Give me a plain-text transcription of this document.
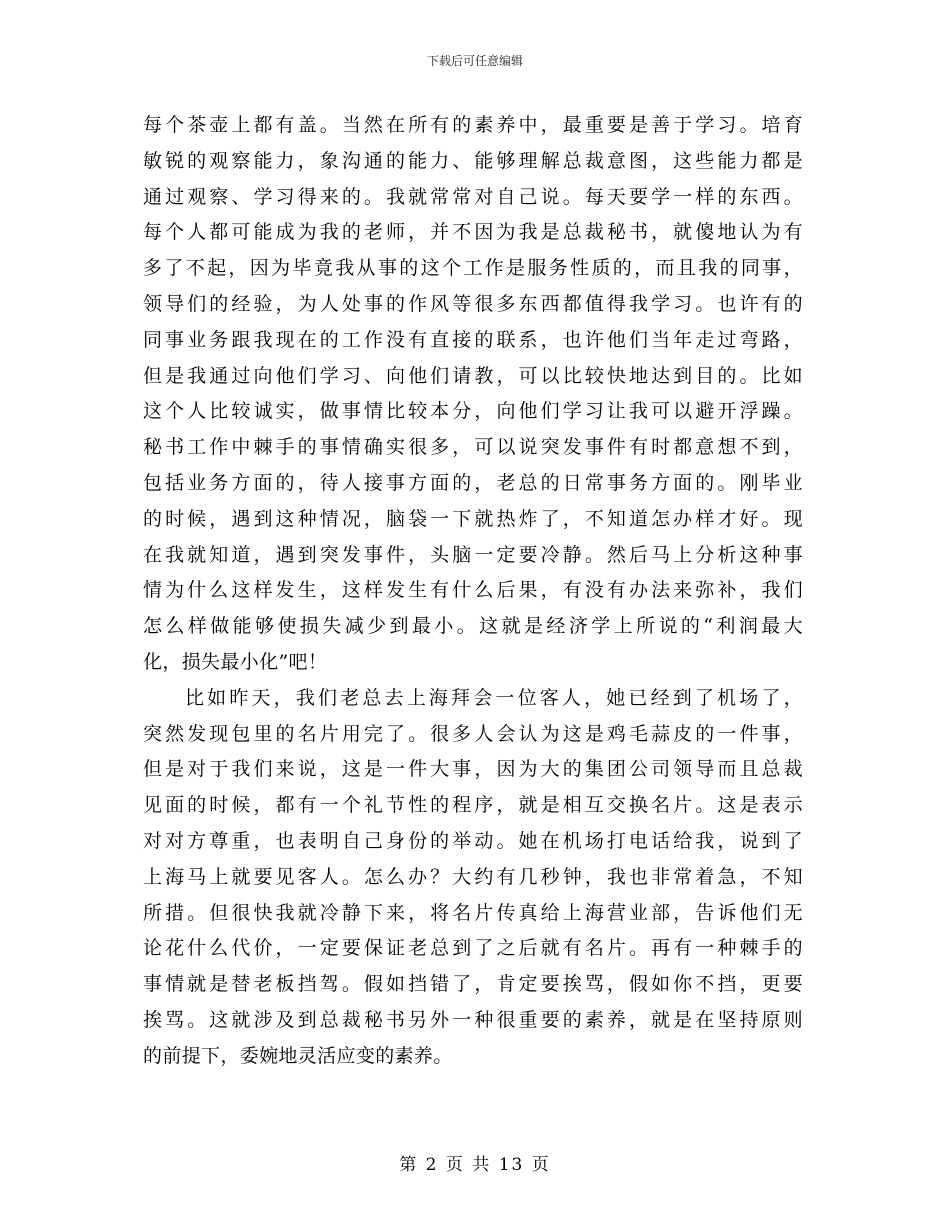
下载后可任意编辑
每个茶壶上都有盖。当然在所有的素养中，最重要是善于学习。培育
敏锐的观察能力，象沟通的能力、能够理解总裁意图，这些能力都是
通过观察、学习得来的。我就常常对自己说。每天要学一样的东西。
每个人都可能成为我的老师，并不因为我是总裁秘书，就傻地认为有
多了不起，因为毕竟我从事的这个工作是服务性质的，而且我的同事，
领导们的经验，为人处事的作风等很多东西都值得我学习。也许有的
同事业务跟我现在的工作没有直接的联系，也许他们当年走过弯路，
但是我通过向他们学习、向他们请教，可以比较快地达到目的。比如
这个人比较诚实，做事情比较本分，向他们学习让我可以避开浮躁。
秘书工作中棘手的事情确实很多，可以说突发事件有时都意想不到，
包括业务方面的，待人接事方面的，老总的日常事务方面的。刚毕业
的时候，遇到这种情况，脑袋一下就热炸了，不知道怎办样才好。现
在我就知道，遇到突发事件，头脑一定要冷静。然后马上分析这种事
情为什么这样发生，这样发生有什么后果，有没有办法来弥补，我们
怎么样做能够使损失减少到最小。这就是经济学上所说的“利润最大
化，损失最小化”吧！
比如昨天，我们老总去上海拜会一位客人，她已经到了机场了，
突然发现包里的名片用完了。很多人会认为这是鸡毛蒜皮的一件事，
但是对于我们来说，这是一件大事，因为大的集团公司领导而且总裁
见面的时候，都有一个礼节性的程序，就是相互交换名片。这是表示
对对方尊重，也表明自己身份的举动。她在机场打电话给我，说到了
上海马上就要见客人。怎么办？大约有几秒钟，我也非常着急，不知
所措。但很快我就冷静下来，将名片传真给上海营业部，告诉他们无
论花什么代价，一定要保证老总到了之后就有名片。再有一种棘手的
事情就是替老板挡驾。假如挡错了，肯定要挨骂，假如你不挡，更要
挨骂。这就涉及到总裁秘书另外一种很重要的素养，就是在坚持原则
的前提下，委婉地灵活应变的素养。
第 2 页 共 13 页
